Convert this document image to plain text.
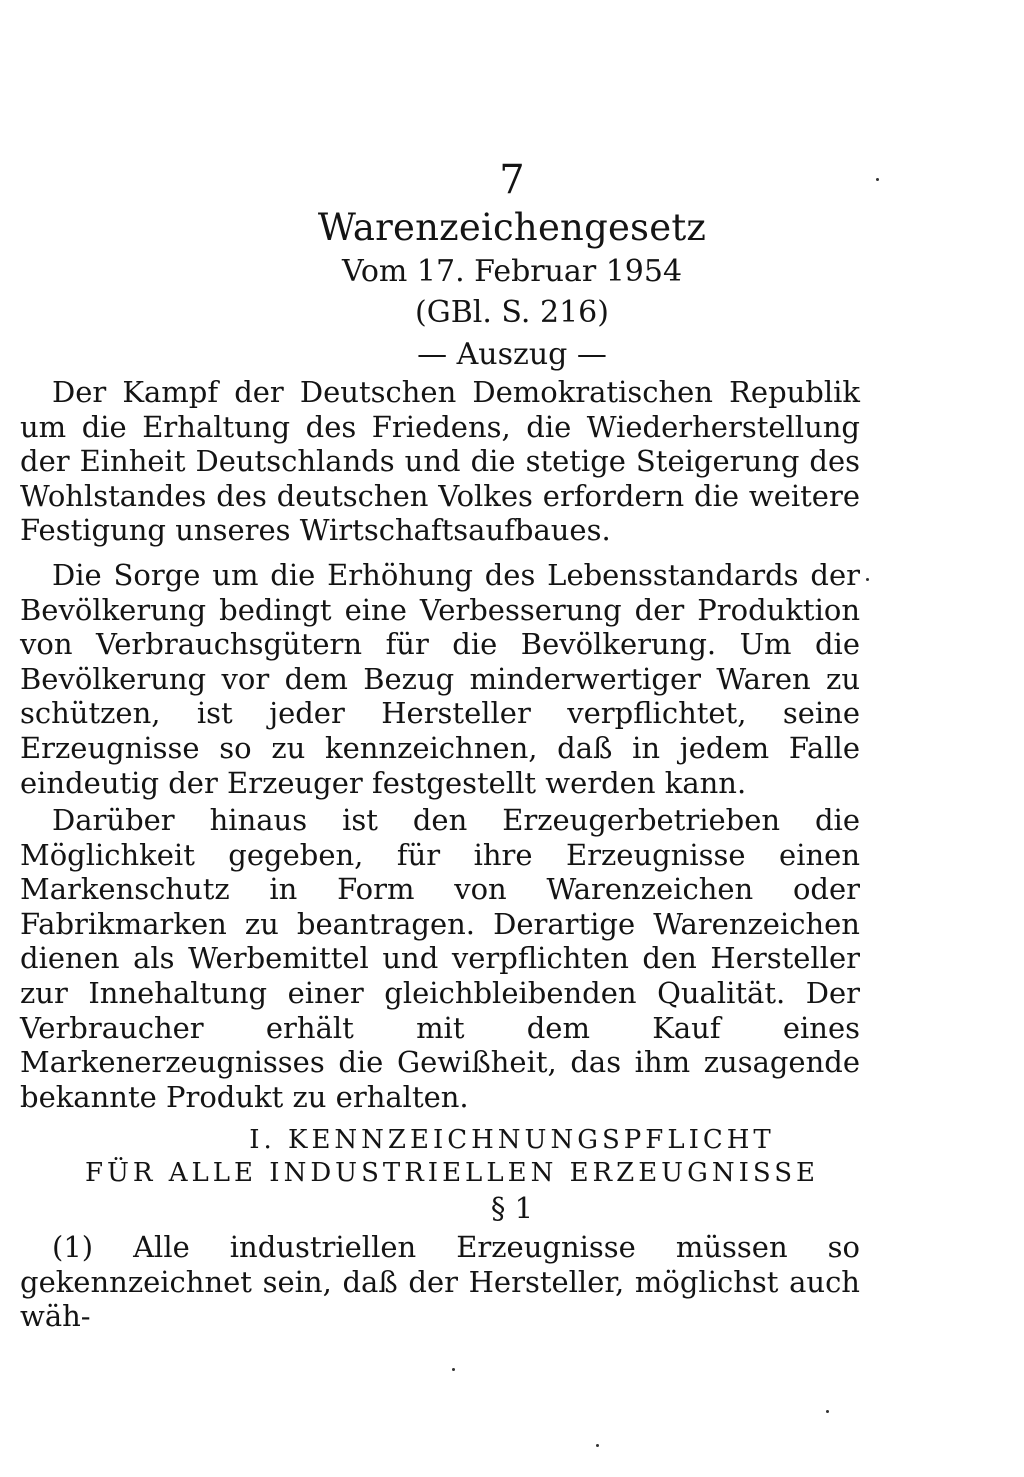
7
Warenzeichengesetz
Vom 17. Februar 1954
(GBl. S. 216)
— Auszug —

Der Kampf der Deutschen Demokratischen Republik um die Erhaltung des Friedens, die Wiederherstellung der Einheit Deutschlands und die stetige Steigerung des Wohlstandes des deutschen Volkes erfordern die weitere Festigung unseres Wirtschaftsaufbaues.

Die Sorge um die Erhöhung des Lebensstandards der Bevölkerung bedingt eine Verbesserung der Produktion von Verbrauchsgütern für die Bevölkerung. Um die Bevölkerung vor dem Bezug minderwertiger Waren zu schützen, ist jeder Hersteller verpflichtet, seine Erzeugnisse so zu kennzeichnen, daß in jedem Falle eindeutig der Erzeuger festgestellt werden kann.

Darüber hinaus ist den Erzeugerbetrieben die Möglichkeit gegeben, für ihre Erzeugnisse einen Markenschutz in Form von Warenzeichen oder Fabrikmarken zu beantragen. Derartige Warenzeichen dienen als Werbemittel und verpflichten den Hersteller zur Innehaltung einer gleichbleibenden Qualität. Der Verbraucher erhält mit dem Kauf eines Markenerzeugnisses die Gewißheit, das ihm zusagende bekannte Produkt zu erhalten.

I. KENNZEICHNUNGSPFLICHT
FÜR ALLE INDUSTRIELLEN ERZEUGNISSE
§ 1

(1) Alle industriellen Erzeugnisse müssen so gekennzeichnet sein, daß der Hersteller, möglichst auch wäh-
